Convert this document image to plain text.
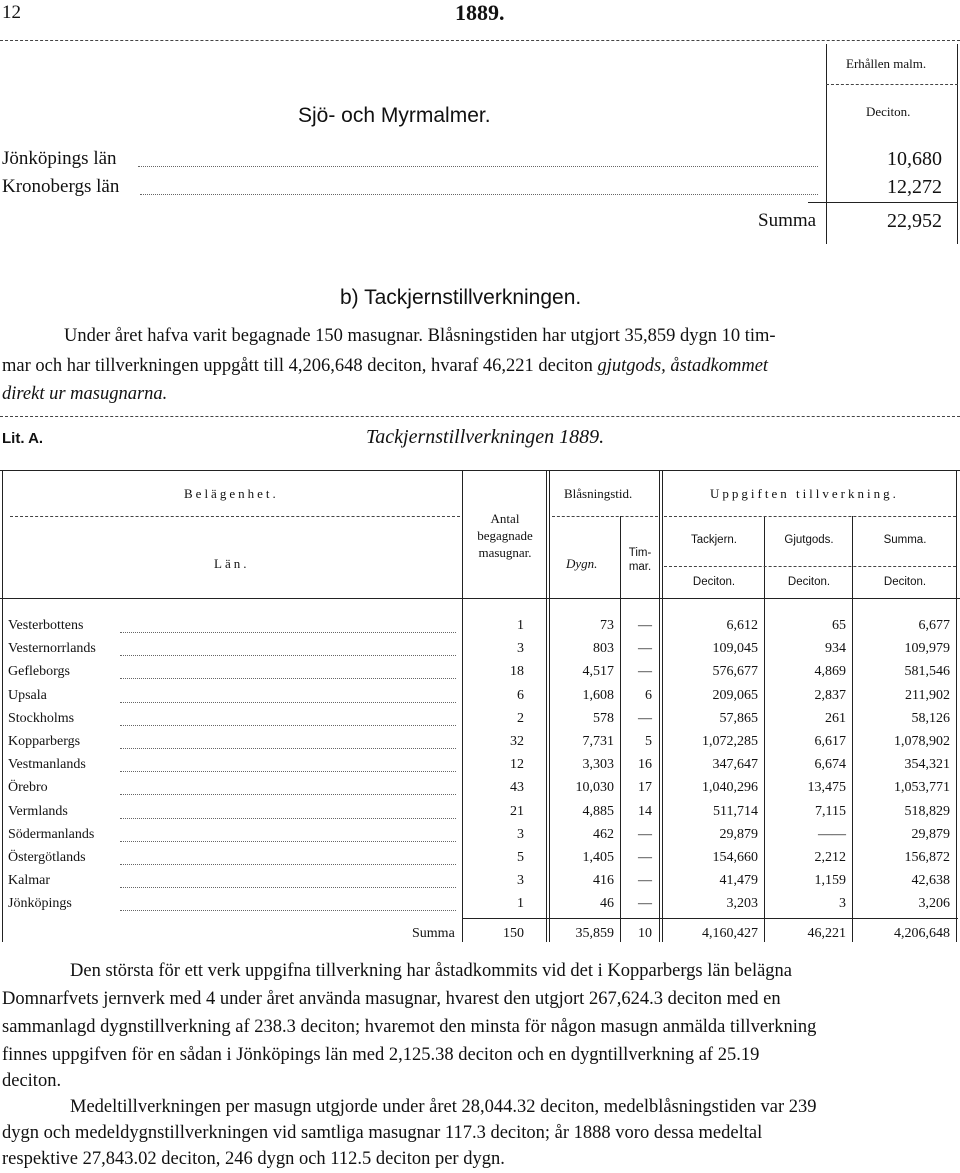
12	1889.
Erhållen malm.
Sjö- och Myrmalmer.	Deciton.
Jönköpings län	10,680
Kronobergs län	12,272
Summa	22,952
b) Tackjernstillverkningen.
Under året hafva varit begagnade 150 masugnar. Blåsningstiden har utgjort 35,859 dygn 10 tim-
mar och har tillverkningen uppgått till 4,206,648 deciton, hvaraf 46,221 deciton gjutgods, åstadkommet
direkt ur masugnarna.
Lit. A.	Tackjernstillverkningen 1889.
Belägenhet.
Län.
Antal
begagnade
masugnar.
Blåsningstid.
Dygn.
Tim-
mar.
Uppgiften tillverkning.
Tackjern.	Gjutgods.	Summa.
Deciton.	Deciton.	Deciton.
Vesterbottens	1	73	—	6,612	65	6,677
Vesternorrlands	3	803	—	109,045	934	109,979
Gefleborgs	18	4,517	—	576,677	4,869	581,546
Upsala	6	1,608	6	209,065	2,837	211,902
Stockholms	2	578	—	57,865	261	58,126
Kopparbergs	32	7,731	5	1,072,285	6,617	1,078,902
Vestmanlands	12	3,303	16	347,647	6,674	354,321
Örebro	43	10,030	17	1,040,296	13,475	1,053,771
Vermlands	21	4,885	14	511,714	7,115	518,829
Södermanlands	3	462	—	29,879	——	29,879
Östergötlands	5	1,405	—	154,660	2,212	156,872
Kalmar	3	416	—	41,479	1,159	42,638
Jönköpings	1	46	—	3,203	3	3,206
Summa	150	35,859	10	4,160,427	46,221	4,206,648
Den största för ett verk uppgifna tillverkning har åstadkommits vid det i Kopparbergs län belägna
Domnarfvets jernverk med 4 under året använda masugnar, hvarest den utgjort 267,624.3 deciton med en
sammanlagd dygnstillverkning af 238.3 deciton; hvaremot den minsta för någon masugn anmälda tillverkning
finnes uppgifven för en sådan i Jönköpings län med 2,125.38 deciton och en dygntillverkning af 25.19
deciton.
Medeltillverkningen per masugn utgjorde under året 28,044.32 deciton, medelblåsningstiden var 239
dygn och medeldygnstillverkningen vid samtliga masugnar 117.3 deciton; år 1888 voro dessa medeltal
respektive 27,843.02 deciton, 246 dygn och 112.5 deciton per dygn.
